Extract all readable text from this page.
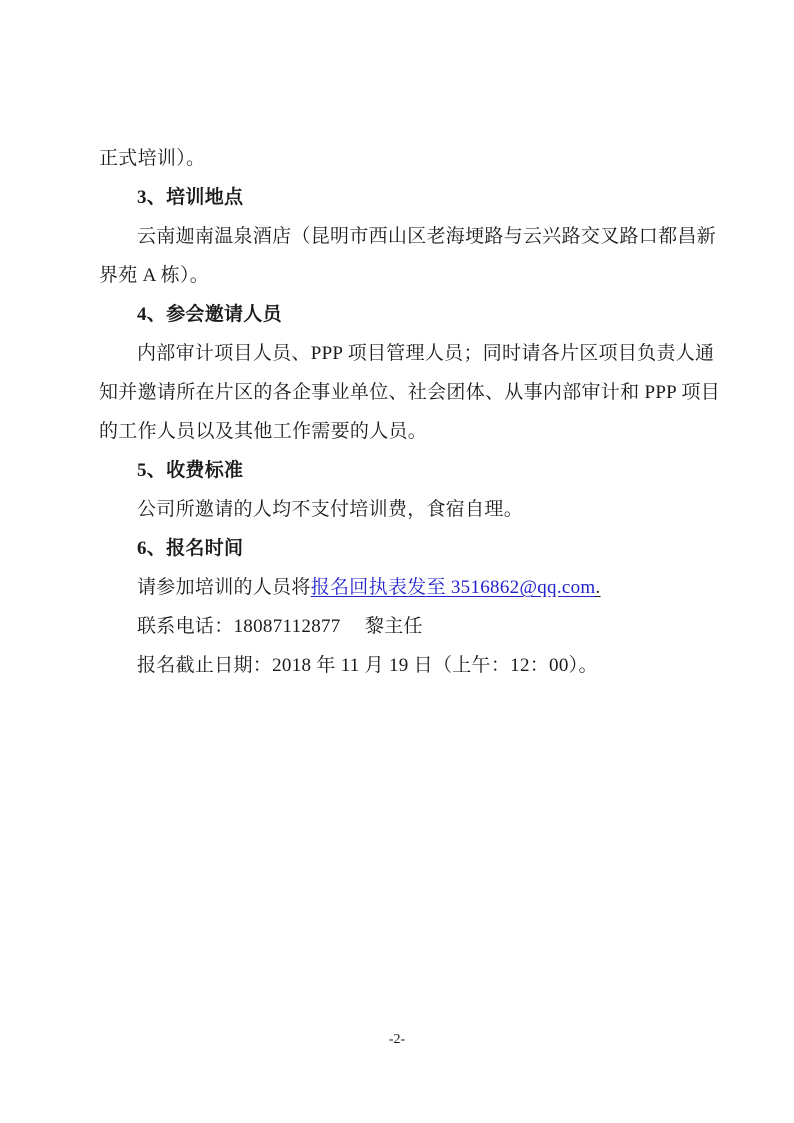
正式培训）。

3、培训地点

云南迦南温泉酒店（昆明市西山区老海埂路与云兴路交叉路口都昌新

界苑 A 栋）。

4、参会邀请人员

内部审计项目人员、PPP 项目管理人员；同时请各片区项目负责人通

知并邀请所在片区的各企事业单位、社会团体、从事内部审计和 PPP 项目

的工作人员以及其他工作需要的人员。

5、收费标准

公司所邀请的人均不支付培训费，食宿自理。

6、报名时间

请参加培训的人员将报名回执表发至 3516862@qq.com.

联系电话：18087112877　 黎主任

报名截止日期：2018 年 11 月 19 日（上午：12：00）。

-2-
